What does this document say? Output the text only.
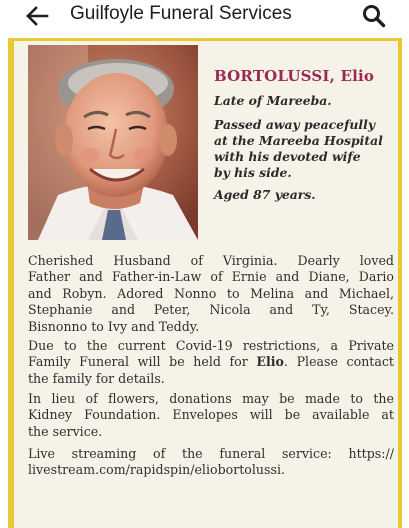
Guilfoyle Funeral Services
BORTOLUSSI, Elio
Late of Mareeba.
Passed away peacefully
at the Mareeba Hospital
with his devoted wife
by his side.
Aged 87 years.
Cherished Husband of Virginia. Dearly loved
Father and Father-in-Law of Ernie and Diane, Dario
and Robyn. Adored Nonno to Melina and Michael,
Stephanie and Peter, Nicola and Ty, Stacey.
Bisnonno to Ivy and Teddy.
Due to the current Covid-19 restrictions, a Private
Family Funeral will be held for Elio. Please contact
the family for details.
In lieu of flowers, donations may be made to the
Kidney Foundation. Envelopes will be available at
the service.
Live streaming of the funeral service: https://
livestream.com/rapidspin/eliobortolussi.
